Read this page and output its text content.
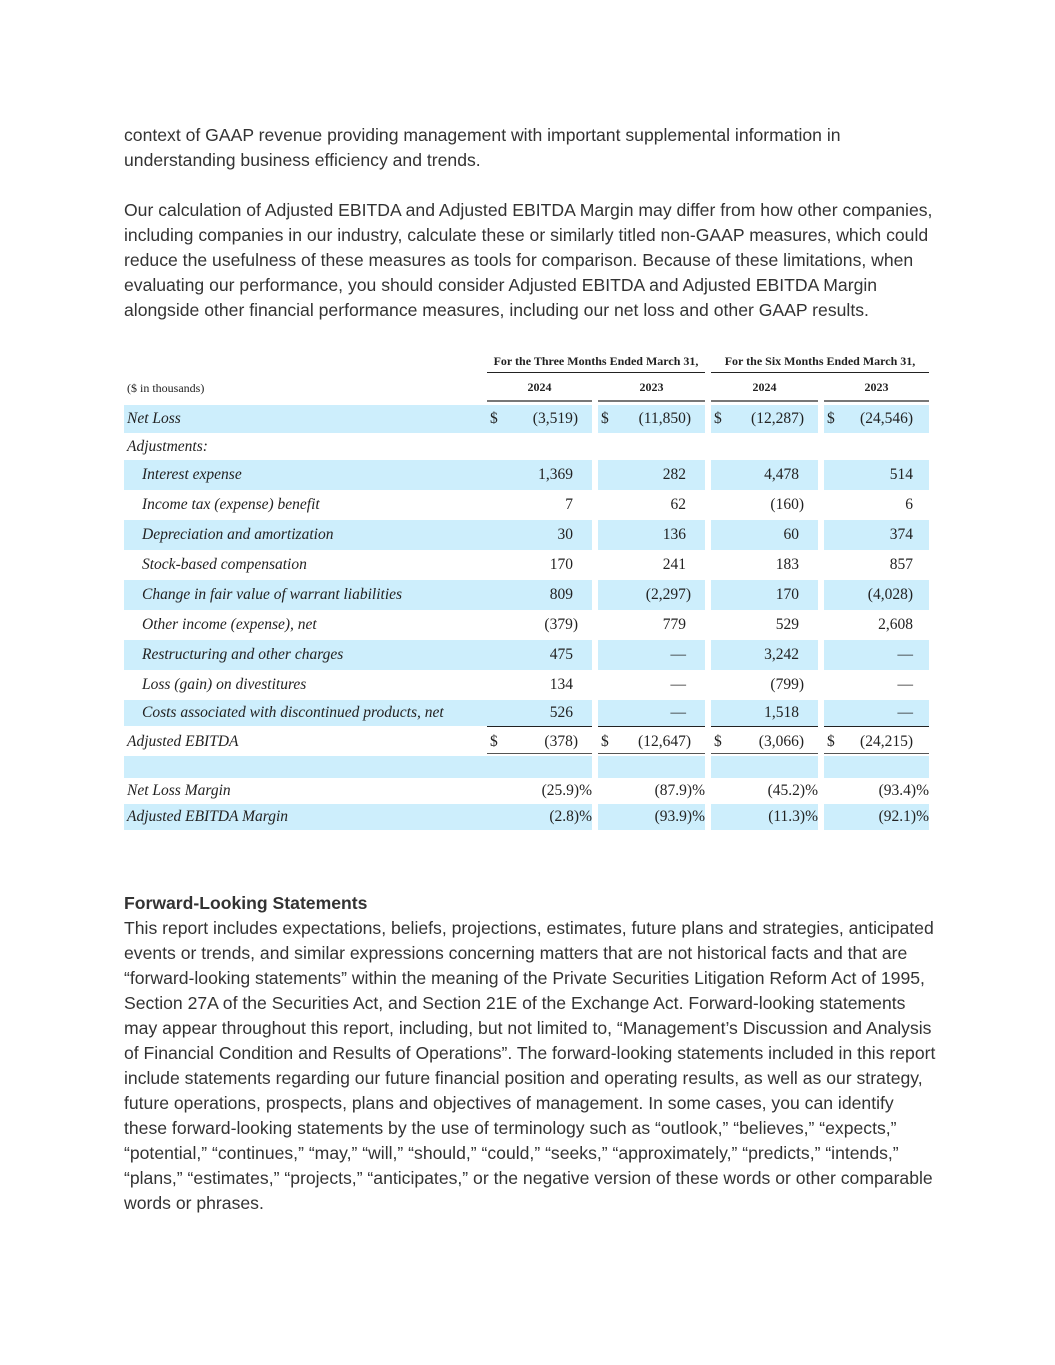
context of GAAP revenue providing management with important supplemental information in understanding business efficiency and trends.
Our calculation of Adjusted EBITDA and Adjusted EBITDA Margin may differ from how other companies, including companies in our industry, calculate these or similarly titled non-GAAP measures, which could reduce the usefulness of these measures as tools for comparison. Because of these limitations, when evaluating our performance, you should consider Adjusted EBITDA and Adjusted EBITDA Margin alongside other financial performance measures, including our net loss and other GAAP results.
For the Three Months Ended March 31,	For the Six Months Ended March 31,
($ in thousands)	2024	2023	2024	2023
Net Loss	$	(3,519) $	(11,850) $	(12,287) $	(24,546)
Adjustments:
Interest expense	1,369	282	4,478	514
Income tax (expense) benefit	7	62	(160)	6
Depreciation and amortization	30	136	60	374
Stock-based compensation	170	241	183	857
Change in fair value of warrant liabilities	809	(2,297)	170	(4,028)
Other income (expense), net	(379)	779	529	2,608
Restructuring and other charges	475	—	3,242	—
Loss (gain) on divestitures	134	—	(799)	—
Costs associated with discontinued products, net	526	—	1,518	—
Adjusted EBITDA	$	(378) $	(12,647) $	(3,066) $	(24,215)
Net Loss Margin	(25.9)%	(87.9)%	(45.2)%	(93.4)%
Adjusted EBITDA Margin	(2.8)%	(93.9)%	(11.3)%	(92.1)%
Forward-Looking Statements
This report includes expectations, beliefs, projections, estimates, future plans and strategies, anticipated events or trends, and similar expressions concerning matters that are not historical facts and that are “forward-looking statements” within the meaning of the Private Securities Litigation Reform Act of 1995, Section 27A of the Securities Act, and Section 21E of the Exchange Act. Forward-looking statements may appear throughout this report, including, but not limited to, “Management’s Discussion and Analysis of Financial Condition and Results of Operations”. The forward-looking statements included in this report include statements regarding our future financial position and operating results, as well as our strategy, future operations, prospects, plans and objectives of management. In some cases, you can identify these forward-looking statements by the use of terminology such as “outlook,” “believes,” “expects,” “potential,” “continues,” “may,” “will,” “should,” “could,” “seeks,” “approximately,” “predicts,” “intends,” “plans,” “estimates,” “projects,” “anticipates,” or the negative version of these words or other comparable words or phrases.
